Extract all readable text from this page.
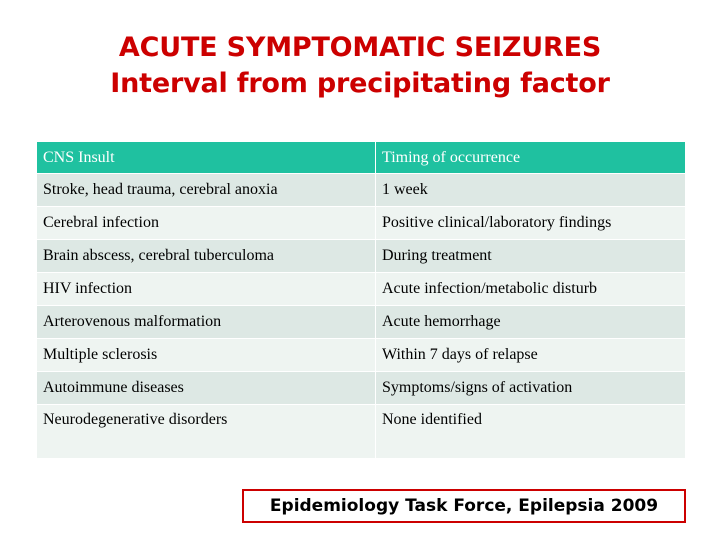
ACUTE SYMPTOMATIC SEIZURES
Interval from precipitating factor
CNS Insult	Timing of occurrence
Stroke, head trauma, cerebral anoxia	1 week
Cerebral infection	Positive clinical/laboratory findings
Brain abscess, cerebral tuberculoma	During treatment
HIV infection	Acute infection/metabolic disturb
Arterovenous malformation	Acute hemorrhage
Multiple sclerosis	Within 7 days of relapse
Autoimmune diseases	Symptoms/signs of activation
Neurodegenerative disorders	None identified
Epidemiology Task Force, Epilepsia 2009
